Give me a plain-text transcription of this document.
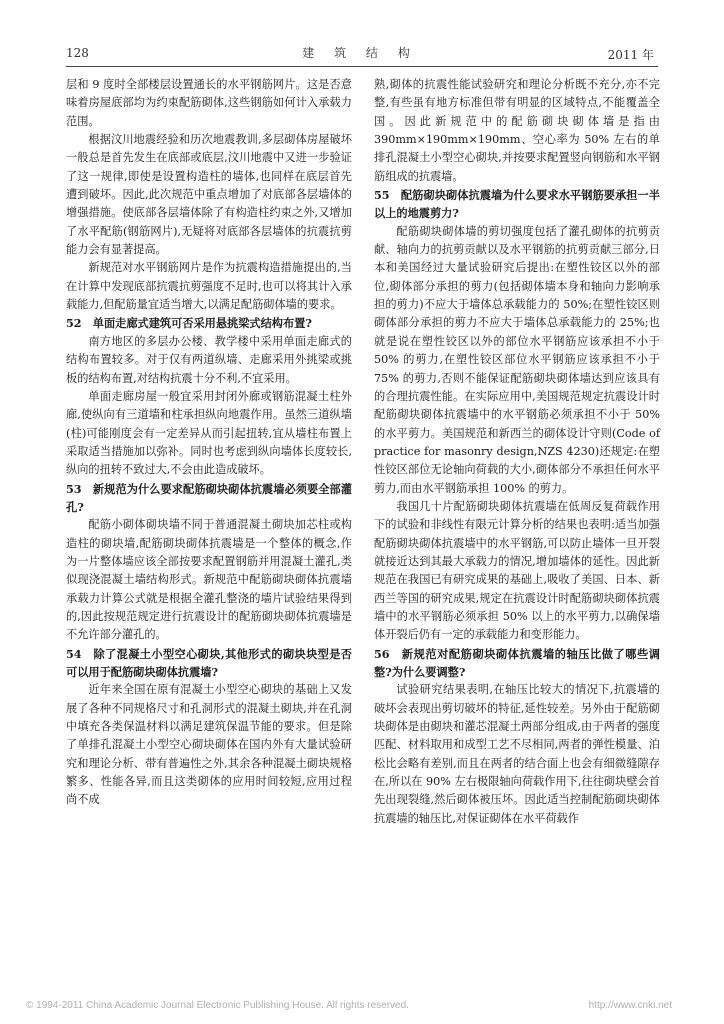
128	建 筑 结 构	2011 年

层和 9 度时全部楼层设置通长的水平钢筋网片。这是否意味着房屋底部均为约束配筋砌体,这些钢筋如何计入承载力范围。

根据汶川地震经验和历次地震教训,多层砌体房屋破坏一般总是首先发生在底部或底层,汶川地震中又进一步验证了这一规律,即使是设置构造柱的墙体,也同样在底层首先遭到破坏。因此,此次规范中重点增加了对底部各层墙体的增强措施。使底部各层墙体除了有构造柱约束之外,又增加了水平配筋(钢筋网片),无疑将对底部各层墙体的抗震抗剪能力会有显著提高。

新规范对水平钢筋网片是作为抗震构造措施提出的,当在计算中发现底部抗震抗剪强度不足时,也可以将其计入承载能力,但配筋量宜适当增大,以满足配筋砌体墙的要求。

52　单面走廊式建筑可否采用悬挑梁式结构布置?

南方地区的多层办公楼、教学楼中采用单面走廊式的结构布置较多。对于仅有两道纵墙、走廊采用外挑梁或挑板的结构布置,对结构抗震十分不利,不宜采用。

单面走廊房屋一般宜采用封闭外廊或钢筋混凝土柱外廊,使纵向有三道墙和柱承担纵向地震作用。虽然三道纵墙(柱)可能刚度会有一定差异从而引起扭转,宜从墙柱布置上采取适当措施加以弥补。同时也考虑到纵向墙体长度较长,纵向的扭转不致过大,不会由此造成破坏。

53　新规范为什么要求配筋砌块砌体抗震墙必须要全部灌孔?

配筋小砌体砌块墙不同于普通混凝土砌块加芯柱或构造柱的砌块墙,配筋砌块砌体抗震墙是一个整体的概念,作为一片整体墙应该全部按要求配置钢筋并用混凝土灌孔,类似现浇混凝土墙结构形式。新规范中配筋砌块砌体抗震墙承载力计算公式就是根据全灌孔整浇的墙片试验结果得到的,因此按规范规定进行抗震设计的配筋砌块砌体抗震墙是不允许部分灌孔的。

54　除了混凝土小型空心砌块,其他形式的砌块块型是否可以用于配筋砌块砌体抗震墙?

近年来全国在原有混凝土小型空心砌块的基础上又发展了各种不同规格尺寸和孔洞形式的混凝土砌块,并在孔洞中填充各类保温材料以满足建筑保温节能的要求。但是除了单排孔混凝土小型空心砌块砌体在国内外有大量试验研究和理论分析、带有普遍性之外,其余各种混凝土砌块规格繁多、性能各异,而且这类砌体的应用时间较短,应用过程尚不成

熟,砌体的抗震性能试验研究和理论分析既不充分,亦不完整,有些虽有地方标准但带有明显的区域特点,不能覆盖全国。因此新规范中的配筋砌块砌体墙是指由 390mm×190mm×190mm、空心率为 50% 左右的单排孔混凝土小型空心砌块,并按要求配置竖向钢筋和水平钢筋组成的抗震墙。

55　配筋砌块砌体抗震墙为什么要求水平钢筋要承担一半以上的地震剪力?

配筋砌块砌体墙的剪切强度包括了灌孔砌体的抗剪贡献、轴向力的抗剪贡献以及水平钢筋的抗剪贡献三部分,日本和美国经过大量试验研究后提出:在塑性铰区以外的部位,砌体部分承担的剪力(包括砌体墙本身和轴向力影响承担的剪力)不应大于墙体总承载能力的 50%;在塑性铰区则砌体部分承担的剪力不应大于墙体总承载能力的 25%;也就是说在塑性铰区以外的部位水平钢筋应该承担不小于 50% 的剪力,在塑性铰区部位水平钢筋应该承担不小于 75% 的剪力,否则不能保证配筋砌块砌体墙达到应该具有的合理抗震性能。在实际应用中,美国规范规定抗震设计时配筋砌块砌体抗震墙中的水平钢筋必须承担不小于 50% 的水平剪力。美国规范和新西兰的砌体设计守则(Code of practice for masonry design,NZS 4230)还规定:在塑性铰区部位无论轴向荷载的大小,砌体部分不承担任何水平剪力,而由水平钢筋承担 100% 的剪力。

我国几十片配筋砌块砌体抗震墙在低周反复荷载作用下的试验和非线性有限元计算分析的结果也表明:适当加强配筋砌块砌体抗震墙中的水平钢筋,可以防止墙体一旦开裂就接近达到其最大承载力的情况,增加墙体的延性。因此新规范在我国已有研究成果的基础上,吸收了美国、日本、新西兰等国的研究成果,规定在抗震设计时配筋砌块砌体抗震墙中的水平钢筋必须承担 50% 以上的水平剪力,以确保墙体开裂后仍有一定的承载能力和变形能力。

56　新规范对配筋砌块砌体抗震墙的轴压比做了哪些调整?为什么要调整?

试验研究结果表明,在轴压比较大的情况下,抗震墙的破坏会表现出剪切破坏的特征,延性较差。另外由于配筋砌块砌体是由砌块和灌芯混凝土两部分组成,由于两者的强度匹配、材料取用和成型工艺不尽相同,两者的弹性模量、泊松比会略有差别,而且在两者的结合面上也会有细微缝隙存在,所以在 90% 左右极限轴向荷载作用下,往往砌块壁会首先出现裂缝,然后砌体被压坏。因此适当控制配筋砌块砌体抗震墙的轴压比,对保证砌体在水平荷载作

© 1994-2011 China Academic Journal Electronic Publishing House. All rights reserved.	http://www.cnki.net
